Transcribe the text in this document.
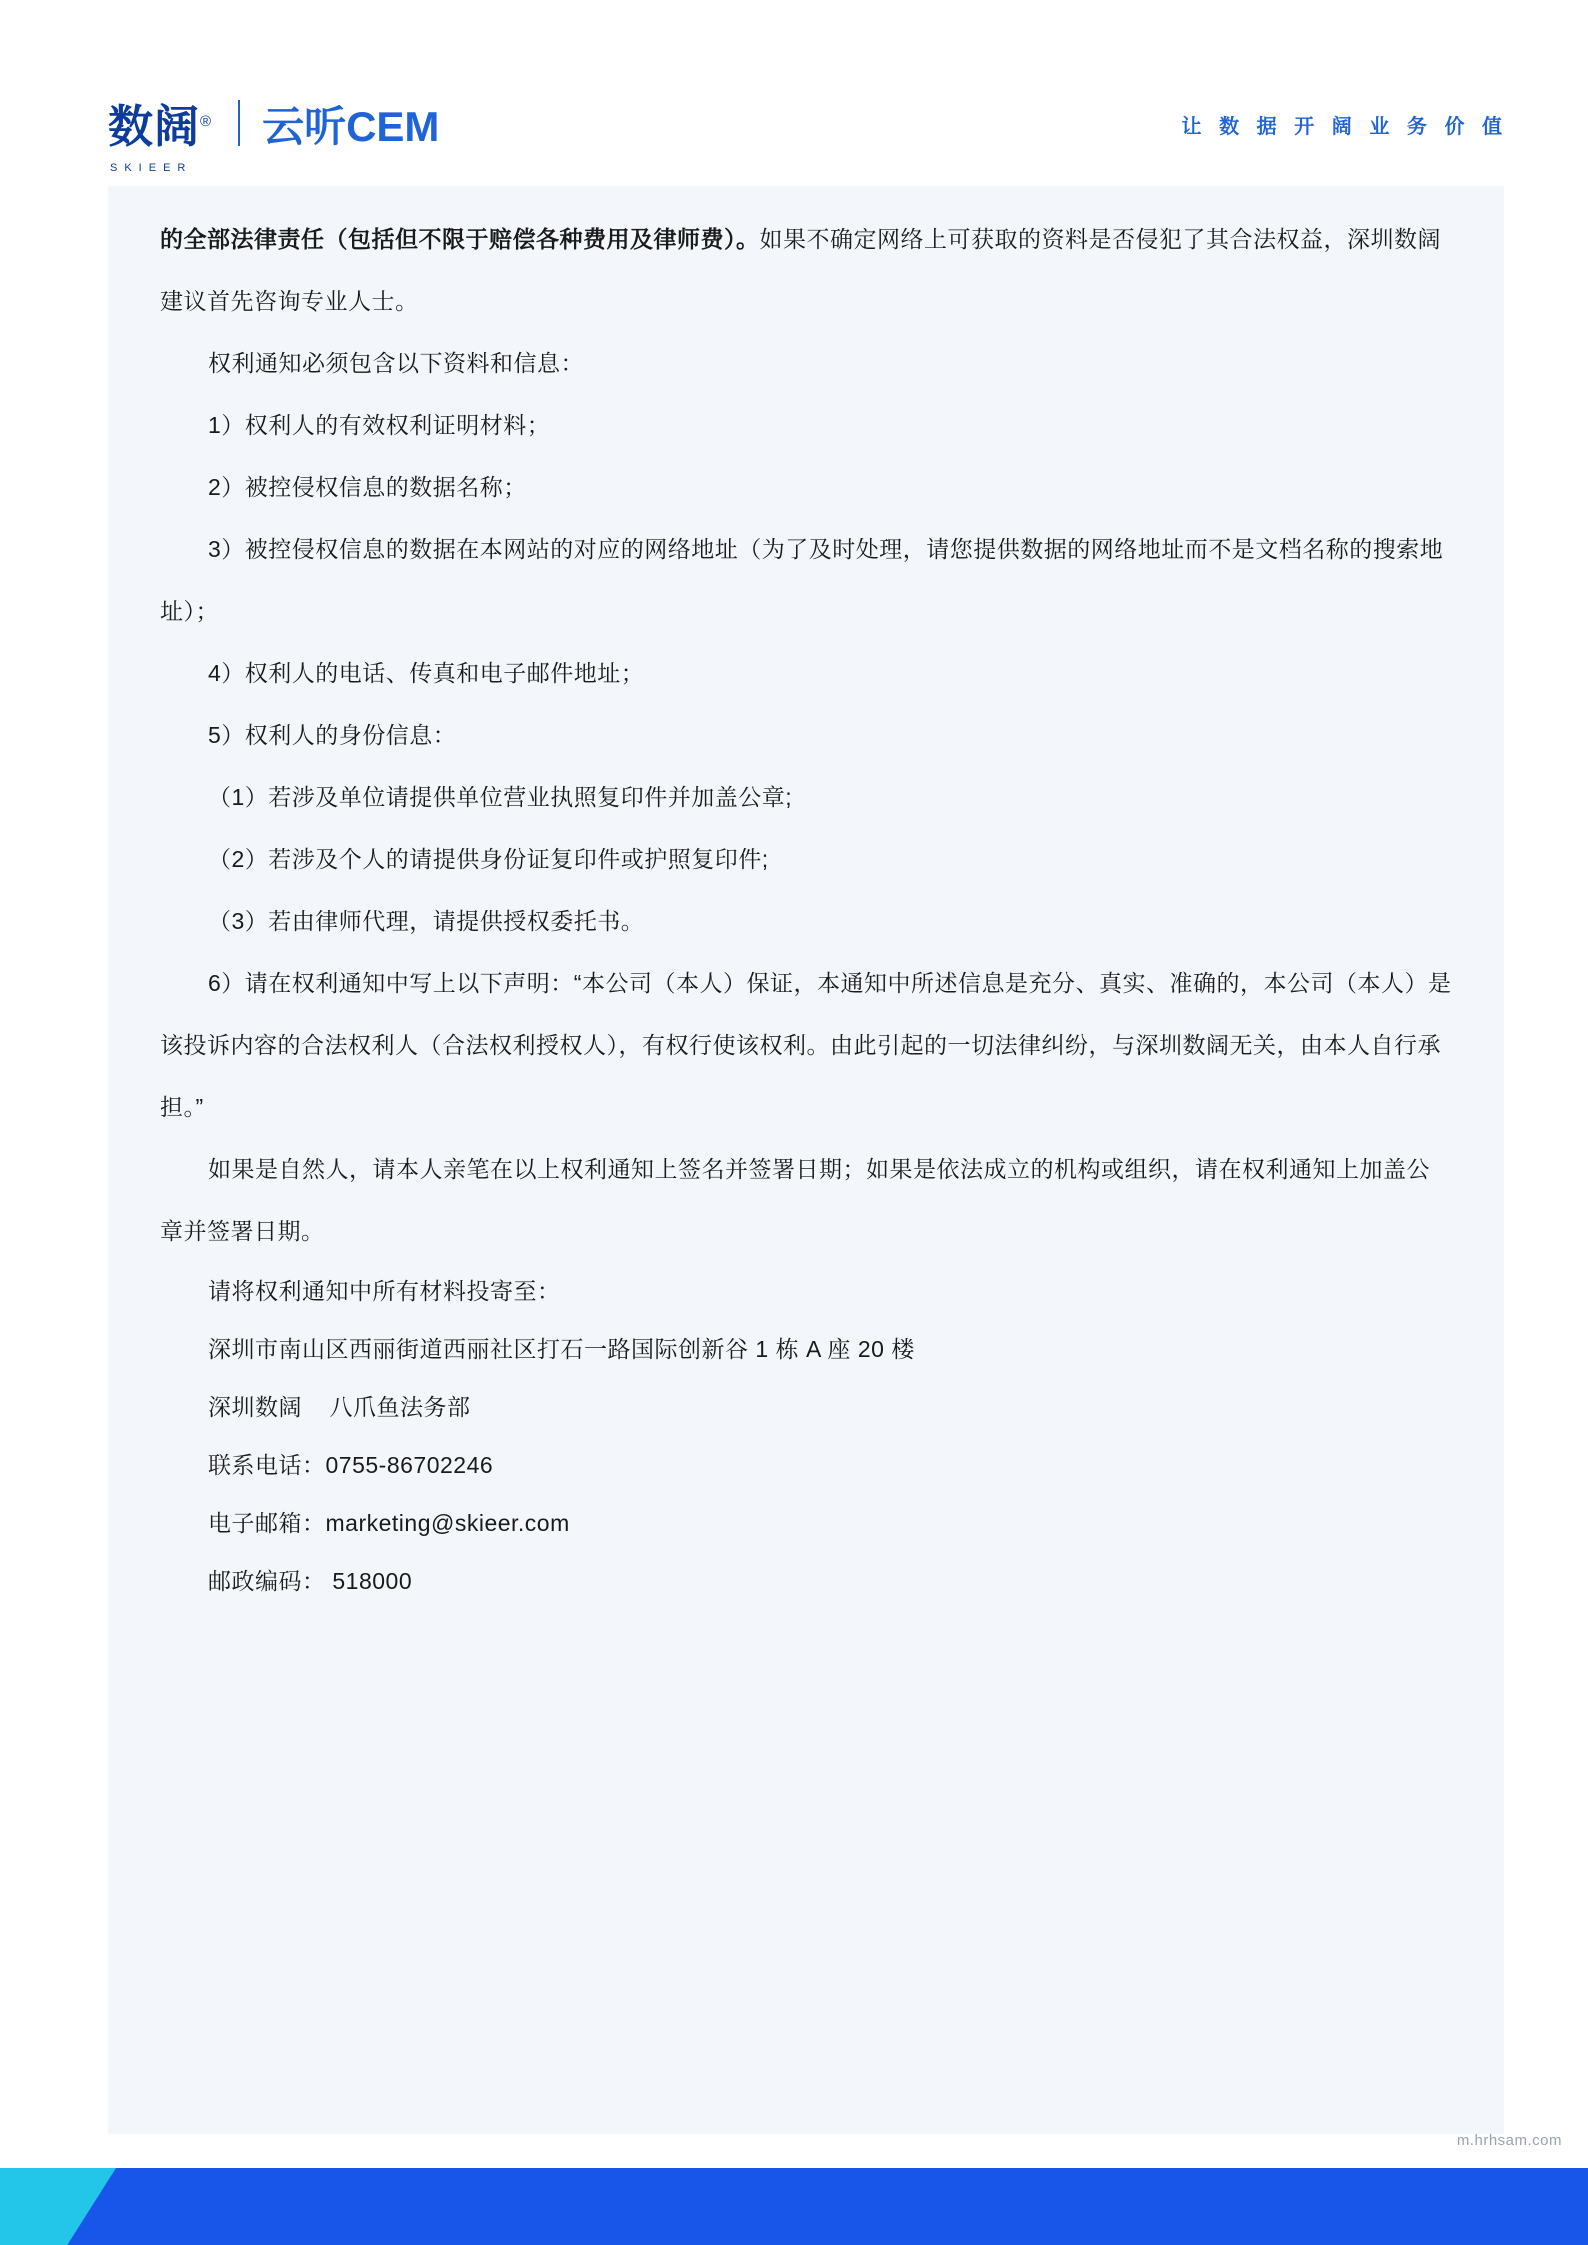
数阔®
SKIEER
云听CEM	让 数 据 开 阔 业 务 价 值
的全部法律责任（包括但不限于赔偿各种费用及律师费）。如果不确定网络上可获取的资料是否侵犯了其合法权益，深圳数阔建议首先咨询专业人士。
权利通知必须包含以下资料和信息：
1）权利人的有效权利证明材料；
2）被控侵权信息的数据名称；
3）被控侵权信息的数据在本网站的对应的网络地址（为了及时处理，请您提供数据的网络地址而不是文档名称的搜索地址）；
4）权利人的电话、传真和电子邮件地址；
5）权利人的身份信息：
（1）若涉及单位请提供单位营业执照复印件并加盖公章;
（2）若涉及个人的请提供身份证复印件或护照复印件;
（3）若由律师代理，请提供授权委托书。
6）请在权利通知中写上以下声明：“本公司（本人）保证，本通知中所述信息是充分、真实、准确的，本公司（本人）是该投诉内容的合法权利人（合法权利授权人），有权行使该权利。由此引起的一切法律纠纷，与深圳数阔无关，由本人自行承担。”
如果是自然人，请本人亲笔在以上权利通知上签名并签署日期；如果是依法成立的机构或组织，请在权利通知上加盖公章并签署日期。
请将权利通知中所有材料投寄至：
深圳市南山区西丽街道西丽社区打石一路国际创新谷 1 栋 A 座 20 楼
深圳数阔    八爪鱼法务部
联系电话：0755-86702246
电子邮箱：marketing@skieer.com
邮政编码： 518000
m.hrhsam.com
